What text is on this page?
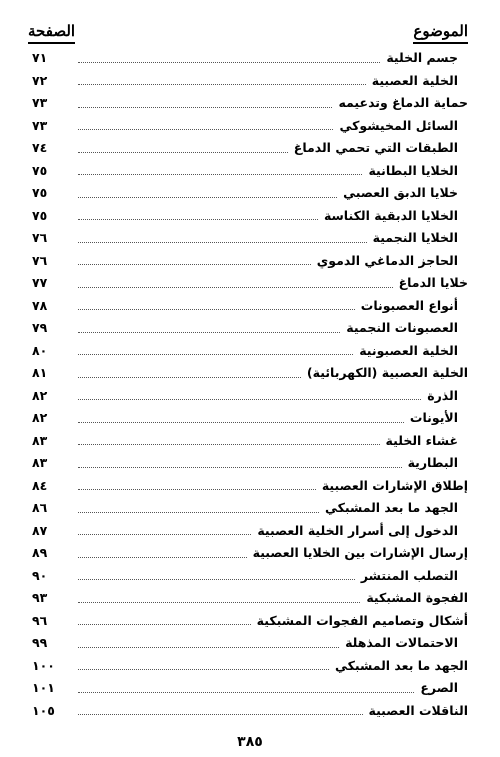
الموضوع
الصفحة
جسم الخلية
٧١
الخلية العصبية
٧٢
حماية الدماغ وتدعيمه
٧٣
السائل المخيشوكي
٧٣
الطبقات التي تحمي الدماغ
٧٤
الخلايا البطانية
٧٥
خلايا الدبق العصبي
٧٥
الخلايا الدبقية الكناسة
٧٥
الخلايا النجمية
٧٦
الحاجز الدماغي الدموي
٧٦
خلايا الدماغ
٧٧
أنواع العصبونات
٧٨
العصبونات النجمية
٧٩
الخلية العصبونية
٨٠
الخلية العصبية (الكهربائية)
٨١
الذرة
٨٢
الأيونات
٨٢
غشاء الخلية
٨٣
البطارية
٨٣
إطلاق الإشارات العصبية
٨٤
الجهد ما بعد المشبكي
٨٦
الدخول إلى أسرار الخلية العصبية
٨٧
إرسال الإشارات بين الخلايا العصبية
٨٩
التصلب المنتشر
٩٠
الفجوة المشبكية
٩٣
أشكال وتصاميم الفجوات المشبكية
٩٦
الاحتمالات المذهلة
٩٩
الجهد ما بعد المشبكي
١٠٠
الصرع
١٠١
الناقلات العصبية
١٠٥
٣٨٥
